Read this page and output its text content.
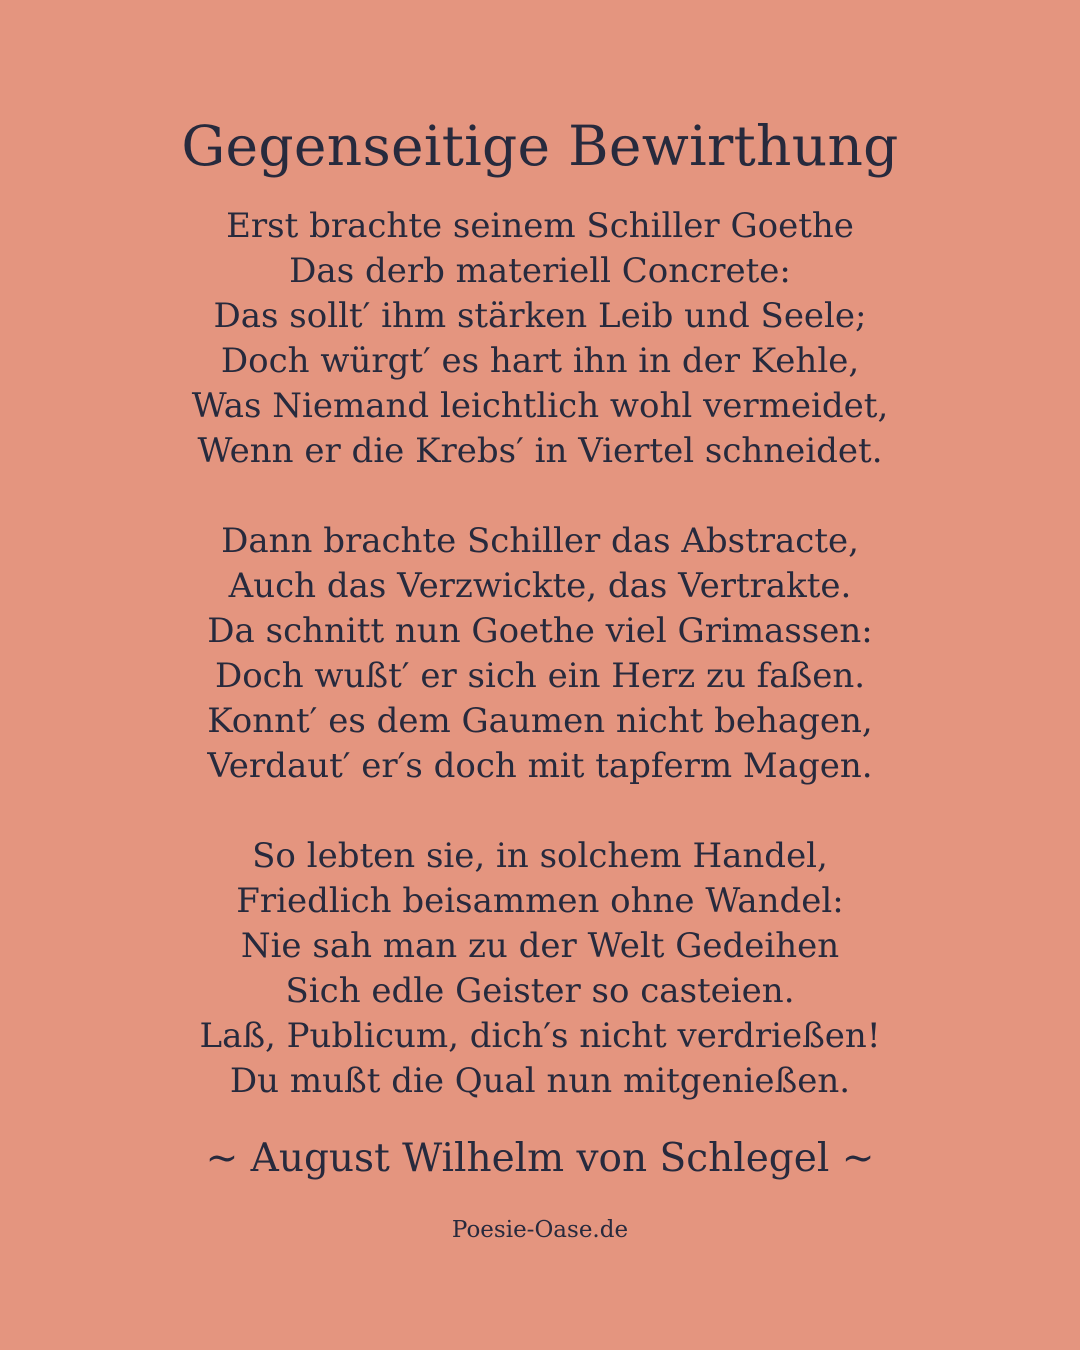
Gegenseitige Bewirthung
Erst brachte seinem Schiller Goethe
Das derb materiell Concrete:
Das sollt′ ihm stärken Leib und Seele;
Doch würgt′ es hart ihn in der Kehle,
Was Niemand leichtlich wohl vermeidet,
Wenn er die Krebs′ in Viertel schneidet.
Dann brachte Schiller das Abstracte,
Auch das Verzwickte, das Vertrakte.
Da schnitt nun Goethe viel Grimassen:
Doch wußt′ er sich ein Herz zu faßen.
Konnt′ es dem Gaumen nicht behagen,
Verdaut′ er′s doch mit tapferm Magen.
So lebten sie, in solchem Handel,
Friedlich beisammen ohne Wandel:
Nie sah man zu der Welt Gedeihen
Sich edle Geister so casteien.
Laß, Publicum, dich′s nicht verdrießen!
Du mußt die Qual nun mitgenießen.
~ August Wilhelm von Schlegel ~
Poesie-Oase.de
